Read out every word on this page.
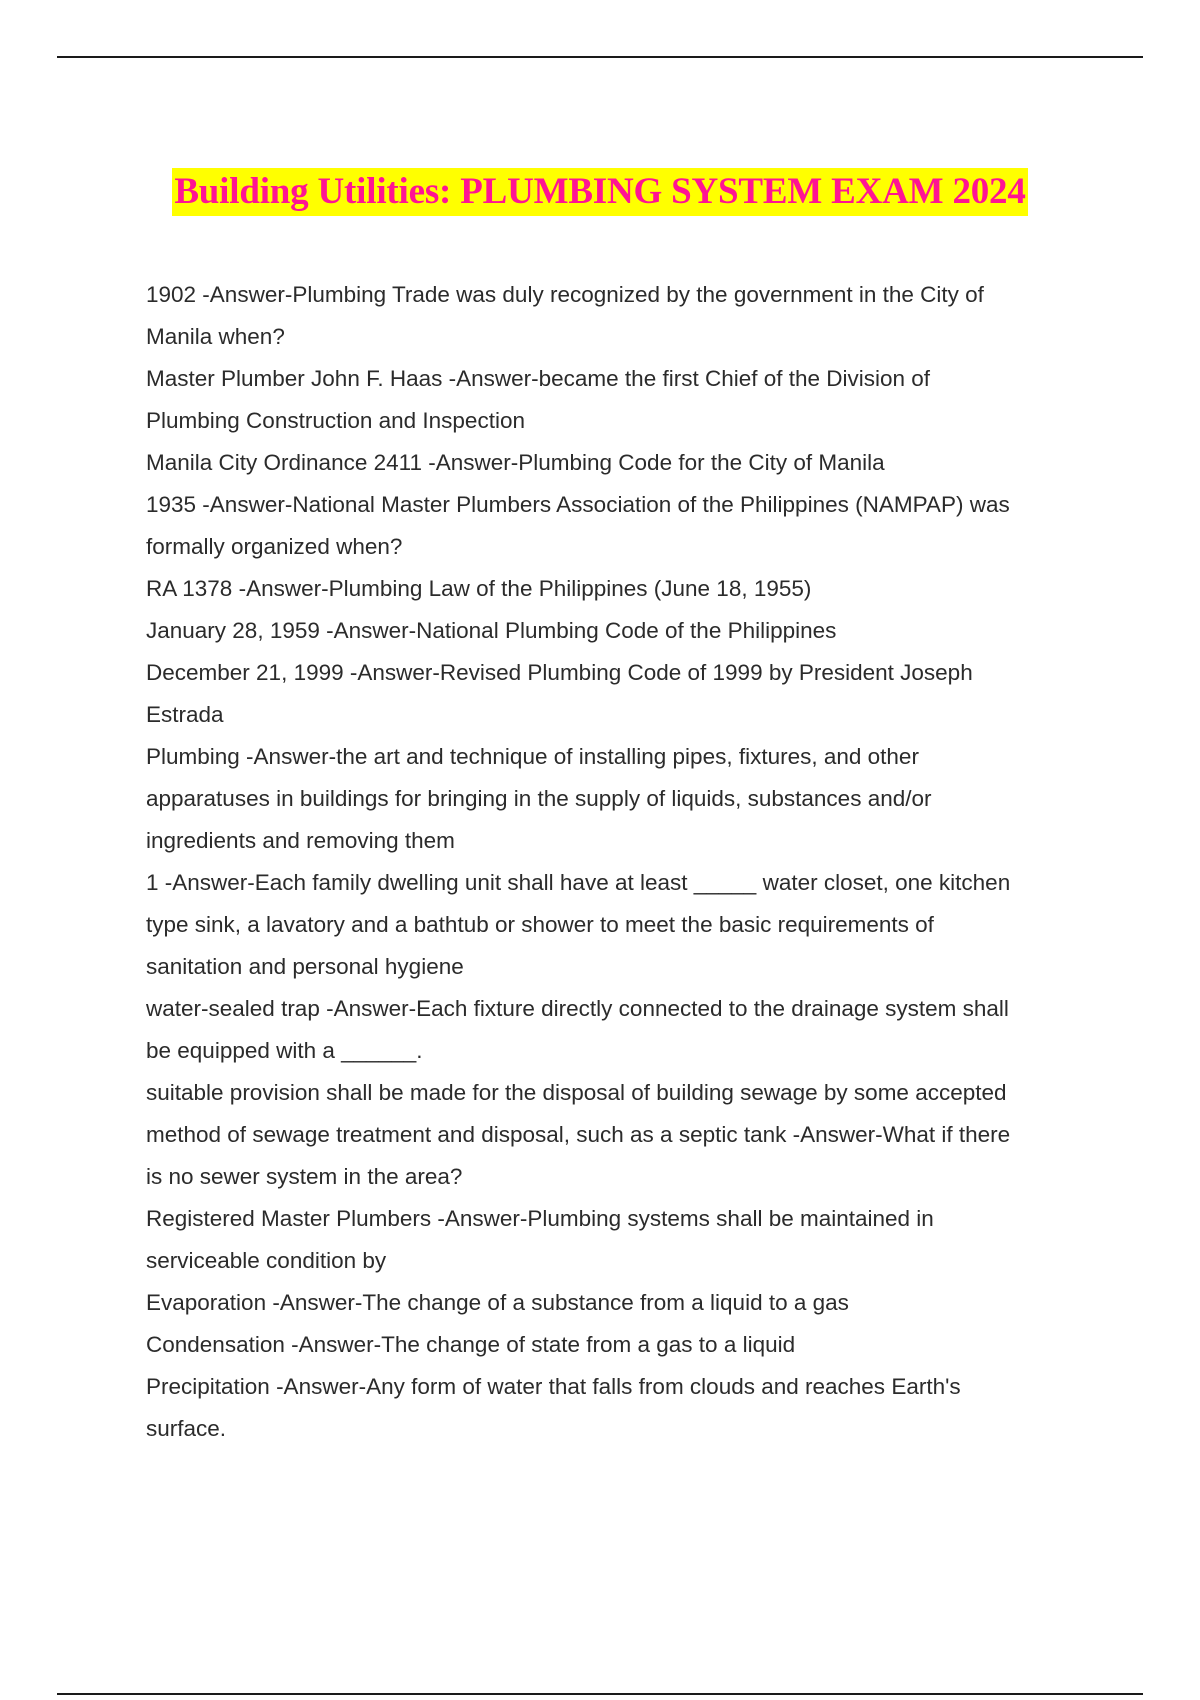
Building Utilities: PLUMBING SYSTEM EXAM 2024

1902 -Answer-Plumbing Trade was duly recognized by the government in the City of

Manila when?

Master Plumber John F. Haas -Answer-became the first Chief of the Division of

Plumbing Construction and Inspection

Manila City Ordinance 2411 -Answer-Plumbing Code for the City of Manila

1935 -Answer-National Master Plumbers Association of the Philippines (NAMPAP) was

formally organized when?

RA 1378 -Answer-Plumbing Law of the Philippines (June 18, 1955)

January 28, 1959 -Answer-National Plumbing Code of the Philippines

December 21, 1999 -Answer-Revised Plumbing Code of 1999 by President Joseph

Estrada

Plumbing -Answer-the art and technique of installing pipes, fixtures, and other

apparatuses in buildings for bringing in the supply of liquids, substances and/or

ingredients and removing them

1 -Answer-Each family dwelling unit shall have at least _____ water closet, one kitchen

type sink, a lavatory and a bathtub or shower to meet the basic requirements of

sanitation and personal hygiene

water-sealed trap -Answer-Each fixture directly connected to the drainage system shall

be equipped with a ______.

suitable provision shall be made for the disposal of building sewage by some accepted

method of sewage treatment and disposal, such as a septic tank -Answer-What if there

is no sewer system in the area?

Registered Master Plumbers -Answer-Plumbing systems shall be maintained in

serviceable condition by

Evaporation -Answer-The change of a substance from a liquid to a gas

Condensation -Answer-The change of state from a gas to a liquid

Precipitation -Answer-Any form of water that falls from clouds and reaches Earth's

surface.
